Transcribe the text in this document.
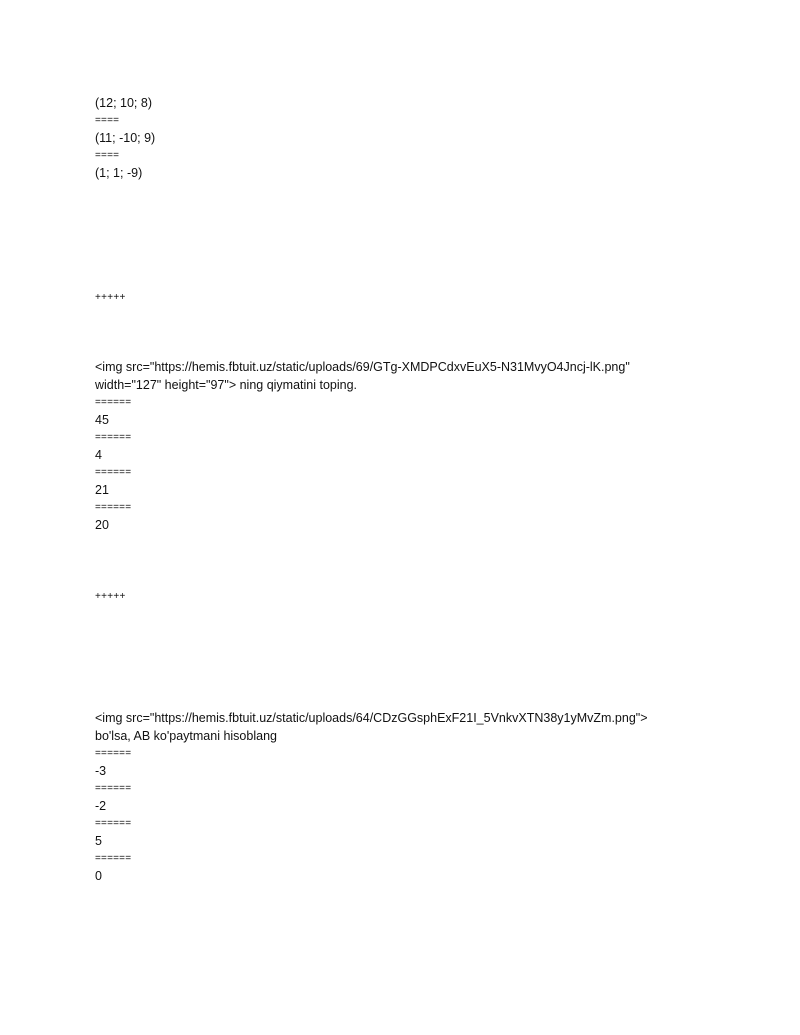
(12; 10; 8)
====
(11; -10; 9)
====
(1; 1; -9)
+++++
<img src="https://hemis.fbtuit.uz/static/uploads/69/GTg-XMDPCdxvEuX5-N31MvyO4Jncj-lK.png"
width="127" height="97"> ning qiymatini toping.
======
45
======
4
======
21
======
20
+++++
<img src="https://hemis.fbtuit.uz/static/uploads/64/CDzGGsphExF21I_5VnkvXTN38y1yMvZm.png">
bo'lsa, AB ko'paytmani hisoblang
======
-3
======
-2
======
5
======
0
